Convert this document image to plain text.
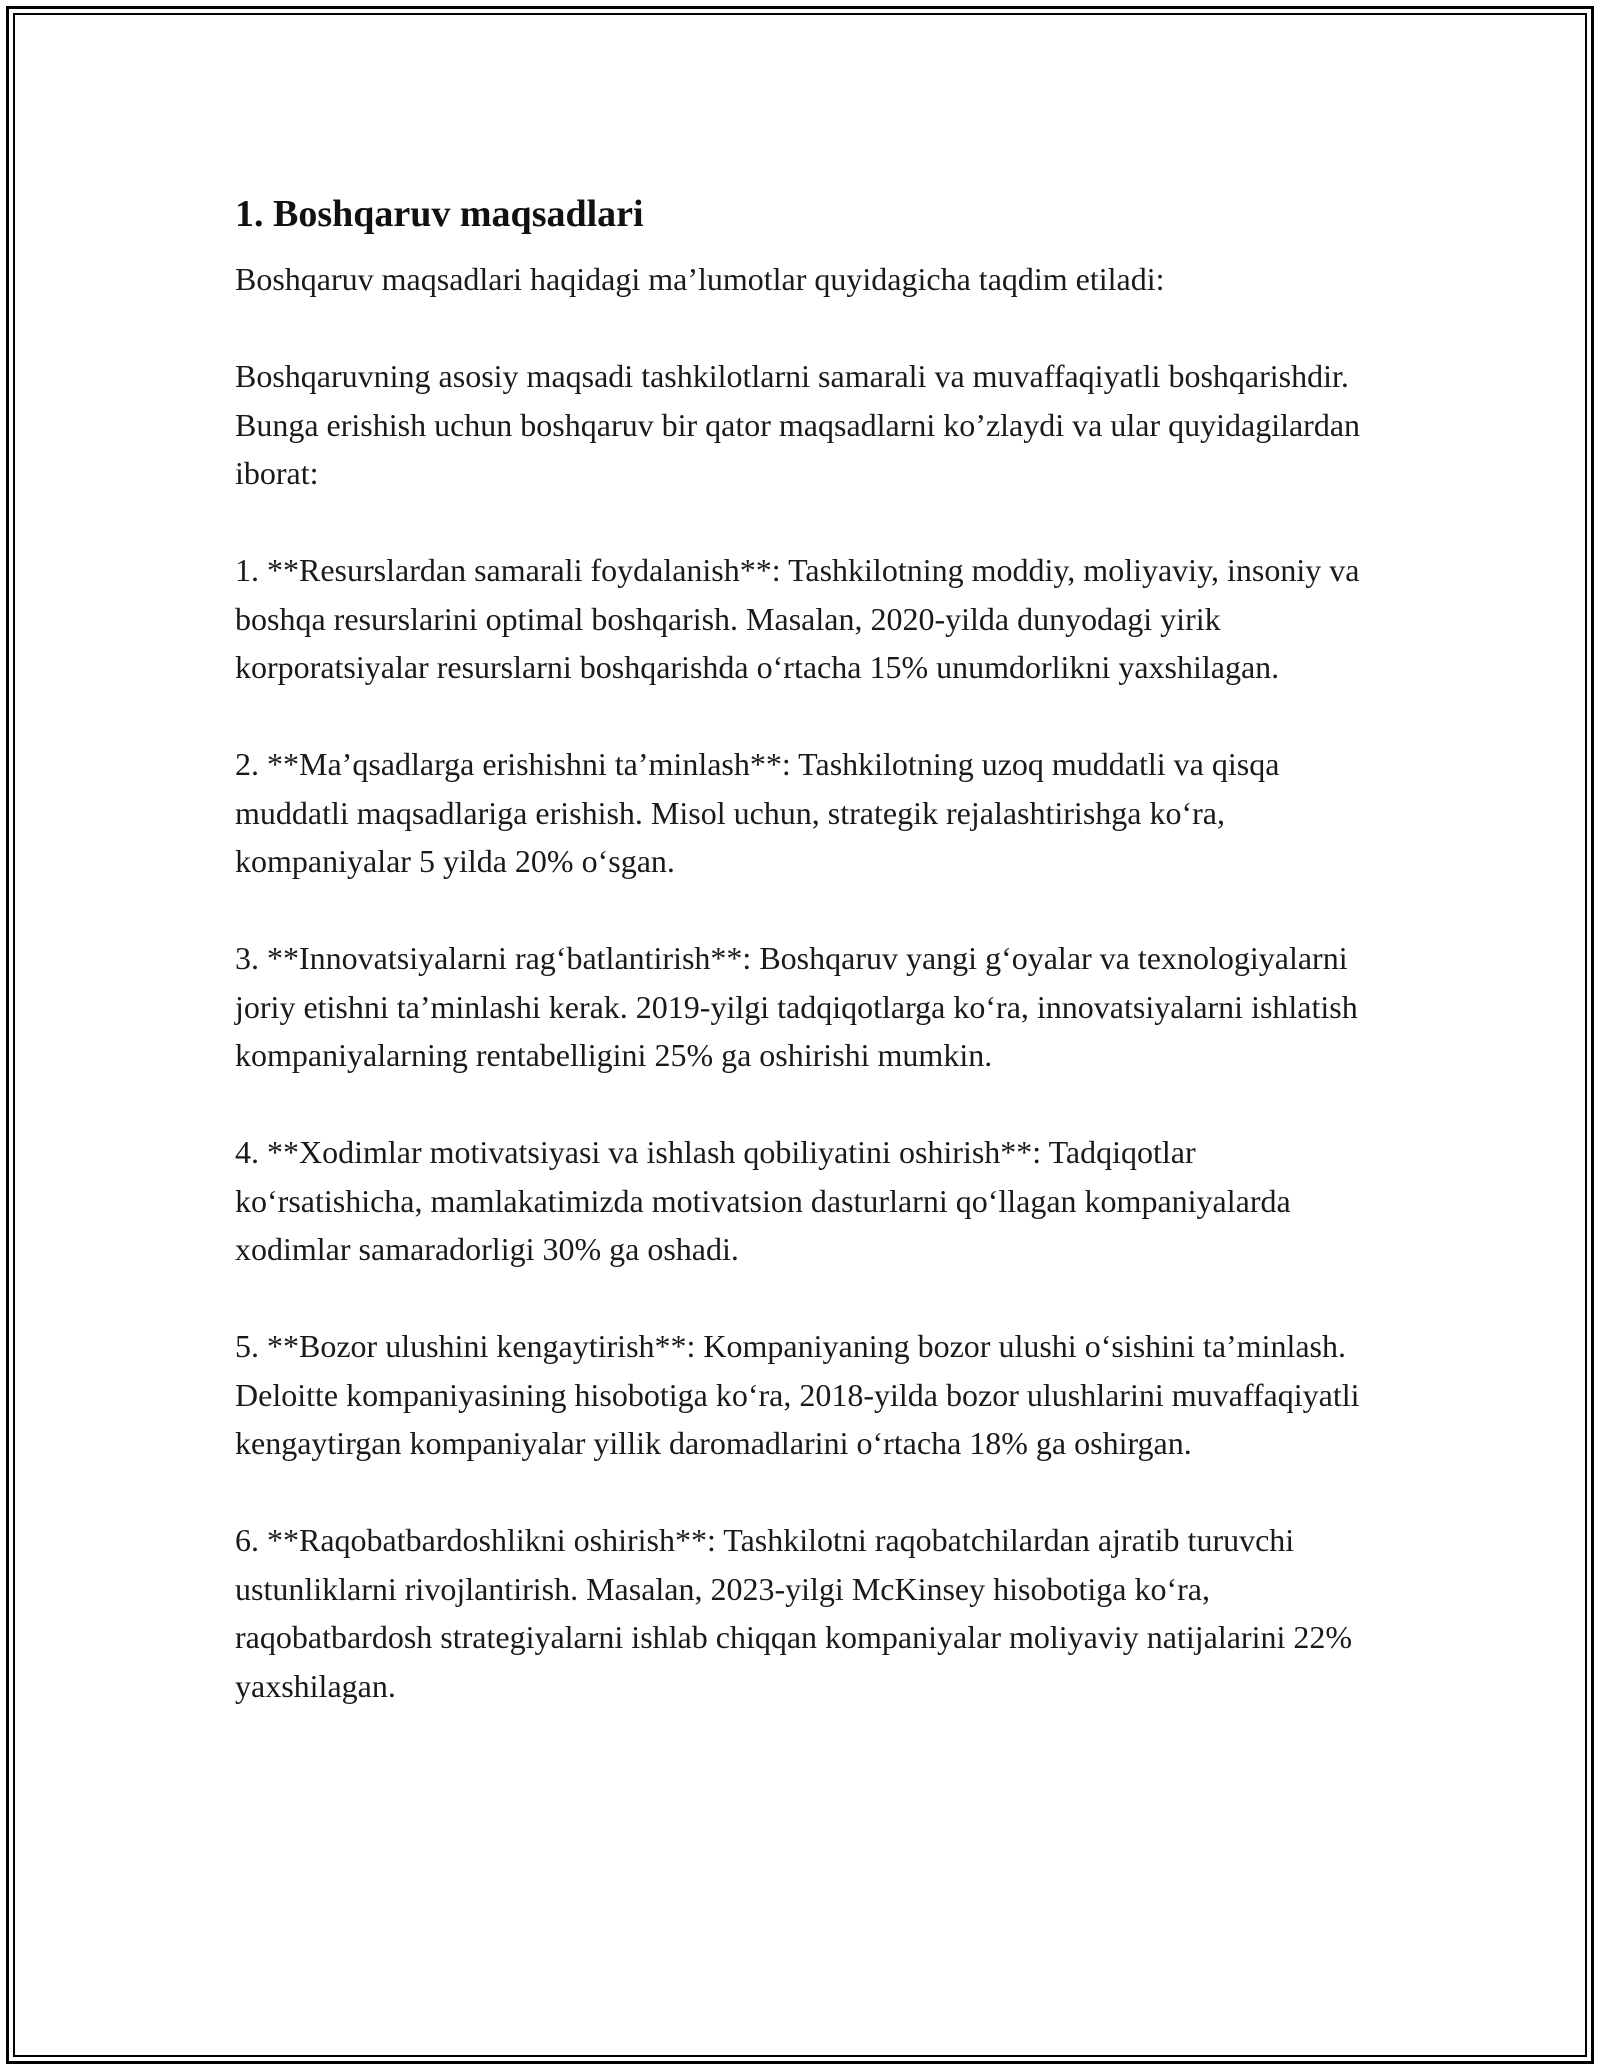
1. Boshqaruv maqsadlari

Boshqaruv maqsadlari haqidagi ma’lumotlar quyidagicha taqdim etiladi:

Boshqaruvning asosiy maqsadi tashkilotlarni samarali va muvaffaqiyatli boshqarishdir. Bunga erishish uchun boshqaruv bir qator maqsadlarni ko’zlaydi va ular quyidagilardan iborat:

1. **Resurslardan samarali foydalanish**: Tashkilotning moddiy, moliyaviy, insoniy va boshqa resurslarini optimal boshqarish. Masalan, 2020-yilda dunyodagi yirik korporatsiyalar resurslarni boshqarishda o‘rtacha 15% unumdorlikni yaxshilagan.

2. **Ma’qsadlarga erishishni ta’minlash**: Tashkilotning uzoq muddatli va qisqa muddatli maqsadlariga erishish. Misol uchun, strategik rejalashtirishga ko‘ra, kompaniyalar 5 yilda 20% o‘sgan.

3. **Innovatsiyalarni rag‘batlantirish**: Boshqaruv yangi g‘oyalar va texnologiyalarni joriy etishni ta’minlashi kerak. 2019-yilgi tadqiqotlarga ko‘ra, innovatsiyalarni ishlatish kompaniyalarning rentabelligini 25% ga oshirishi mumkin.

4. **Xodimlar motivatsiyasi va ishlash qobiliyatini oshirish**: Tadqiqotlar ko‘rsatishicha, mamlakatimizda motivatsion dasturlarni qo‘llagan kompaniyalarda xodimlar samaradorligi 30% ga oshadi.

5. **Bozor ulushini kengaytirish**: Kompaniyaning bozor ulushi o‘sishini ta’minlash. Deloitte kompaniyasining hisobotiga ko‘ra, 2018-yilda bozor ulushlarini muvaffaqiyatli kengaytirgan kompaniyalar yillik daromadlarini o‘rtacha 18% ga oshirgan.

6. **Raqobatbardoshlikni oshirish**: Tashkilotni raqobatchilardan ajratib turuvchi ustunliklarni rivojlantirish. Masalan, 2023-yilgi McKinsey hisobotiga ko‘ra, raqobatbardosh strategiyalarni ishlab chiqqan kompaniyalar moliyaviy natijalarini 22% yaxshilagan.
